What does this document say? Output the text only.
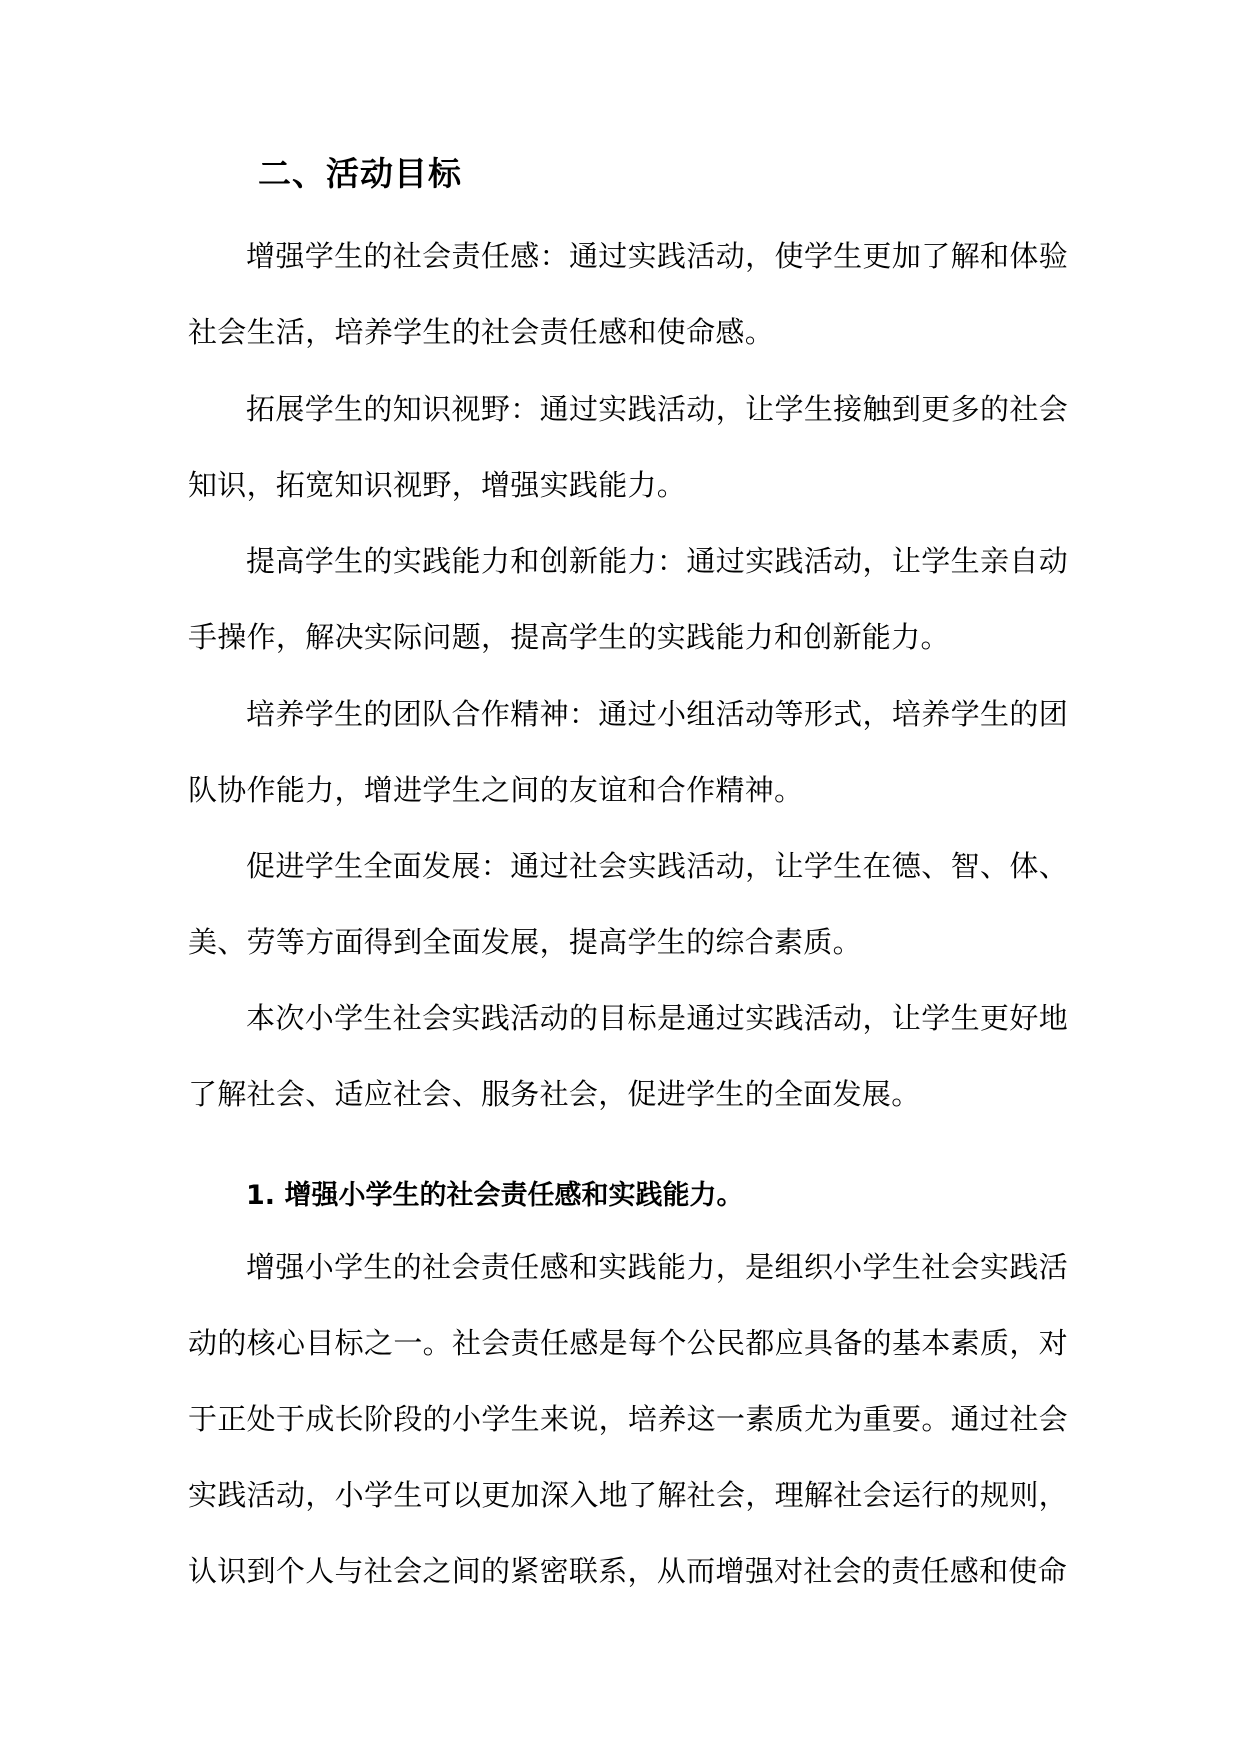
二、活动目标

增强学生的社会责任感：通过实践活动，使学生更加了解和体验社会生活，培养学生的社会责任感和使命感。

拓展学生的知识视野：通过实践活动，让学生接触到更多的社会知识，拓宽知识视野，增强实践能力。

提高学生的实践能力和创新能力：通过实践活动，让学生亲自动手操作，解决实际问题，提高学生的实践能力和创新能力。

培养学生的团队合作精神：通过小组活动等形式，培养学生的团队协作能力，增进学生之间的友谊和合作精神。

促进学生全面发展：通过社会实践活动，让学生在德、智、体、美、劳等方面得到全面发展，提高学生的综合素质。

本次小学生社会实践活动的目标是通过实践活动，让学生更好地了解社会、适应社会、服务社会，促进学生的全面发展。

1. 增强小学生的社会责任感和实践能力。

增强小学生的社会责任感和实践能力，是组织小学生社会实践活动的核心目标之一。社会责任感是每个公民都应具备的基本素质，对于正处于成长阶段的小学生来说，培养这一素质尤为重要。通过社会实践活动，小学生可以更加深入地了解社会，理解社会运行的规则，认识到个人与社会之间的紧密联系，从而增强对社会的责任感和使命
